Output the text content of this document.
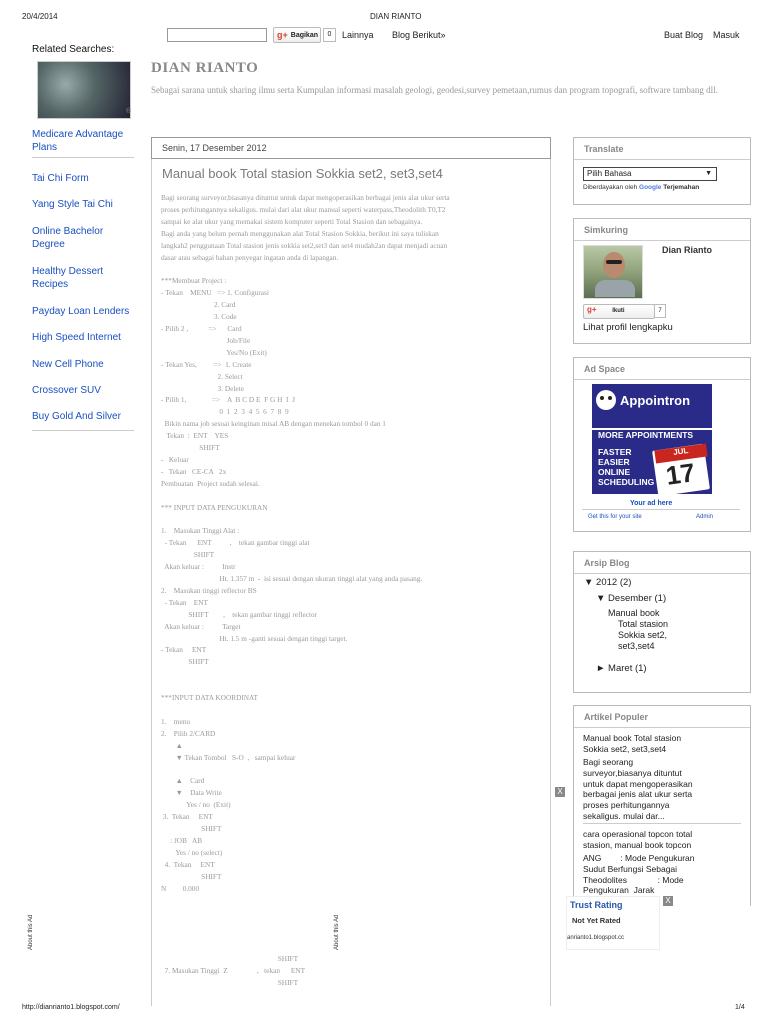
20/4/2014	DIAN RIANTO
g+ Bagikan	0	Lainnya Blog Berikut»	Buat Blog Masuk
Related Searches:
®
Medicare Advantage Plans
Tai Chi Form
Yang Style Tai Chi
Online Bachelor Degree
Healthy Dessert Recipes
Payday Loan Lenders
High Speed Internet
New Cell Phone
Crossover SUV
Buy Gold And Silver
DIAN RIANTO
Sebagai sarana untuk sharing ilmu serta Kumpulan informasi masalah geologi, geodesi,survey pemetaan,rumus dan program topografi, software tambang dll.
Senin, 17 Desember 2012
Manual book Total stasion Sokkia set2, set3,set4
Bagi seorang surveyor,biasanya dituntut untuk dapat mengoperasikan berbagai jenis alat ukur serta
proses perhitungannya sekaligus. mulai dari alat ukur manual seperti waterpass,Theodolith T0,T2
sampai ke alat ukur yang memakai sistem komputer seperti Total Stasion dan sebagainya.
Bagi anda yang belum pernah menggunakan alat Total Stasion Sokkia, berikut ini saya tuliskan
langkah2 penggunaan Total stasion jenis sokkia set2,set3 dan set4 mudah2an dapat menjadi acuan
dasar atau sebagai bahan penyegar ingatan anda di lapangan.

***Membuat Project :
- Tekan    MENU   => 1. Configurasi
2. Card
3. Code
- Pilih 2 ,           =>      Card
Job/File
Yes/No (Exit)
- Tekan Yes,         =>  1. Create
2. Select
3. Delete
- Pilih 1,              =>    A  B C D E  F G H  I  J
0  1  2  3  4  5  6  7  8  9
Bikin nama job sesuai keinginan misal AB dengan menekan tombol 0 dan 1
Tekan  :  ENT    YES
SHIFT
-   Keluar
-   Tekan   CE-CA   2x
Pembuatan  Project sudah selesai.

*** INPUT DATA PENGUKURAN

1.    Masukan Tinggi Alat :
- Tekan      ENT          ,    tekan gambar tinggi alat
SHIFT
Akan keluar :          Instr
Ht. 1.357 m  -  isi sesuai dengan ukuran tinggi alat yang anda pasang.
2.    Masukan tinggi reflector BS
- Tekan    ENT
SHIFT        ,    tekan gambar tinggi reflector
Akan keluar :          Target
Ht. 1.5 m -ganti sesuai dengan tinggi target.
- Tekan     ENT
SHIFT

***INPUT DATA KOORDINAT

1.    menu
2.    Pilih 2/CARD
▲
▼ Tekan Tombol   S-O  ,   sampai keluar

▲    Card
▼    Data Write
Yes / no  (Exit)
3.  Tekan     ENT
SHIFT
: JOB   AB
Yes / no (select)
4.  Tekan     ENT
SHIFT
N         0.000
SHIFT
7. Masukan Tinggi  Z                ,   tekan      ENT
SHIFT
Translate
Pilih Bahasa	▼
Diberdayakan oleh Google Terjemahan
Simkuring
Dian Rianto
g+	Ikuti	7
Lihat profil lengkapku
Ad Space
Appointron
MORE APPOINTMENTS
FASTER
EASIER
ONLINE
SCHEDULING
JUL
17
Your ad here
Get this for your site	Admin
Arsip Blog
▼ 2012 (2)
▼ Desember (1)
Manual book
Total stasion
Sokkia set2,
set3,set4
► Maret (1)
Artikel Populer
Manual book Total stasion
Sokkia set2, set3,set4
Bagi seorang
surveyor,biasanya dituntut
untuk dapat mengoperasikan
berbagai jenis alat ukur serta
proses perhitungannya
sekaligus. mulai dar...
cara operasional topcon total
stasion, manual book topcon
ANG        : Mode Pengukuran
Sudut Berfungsi Sebagai
Theodolites             : Mode
Pengukuran  Jarak
Trust Rating
Not Yet Rated
anrianto1.blogspot.cc
X
X
About this Ad	About this Ad
http://dianrianto1.blogspot.com/	1/4
